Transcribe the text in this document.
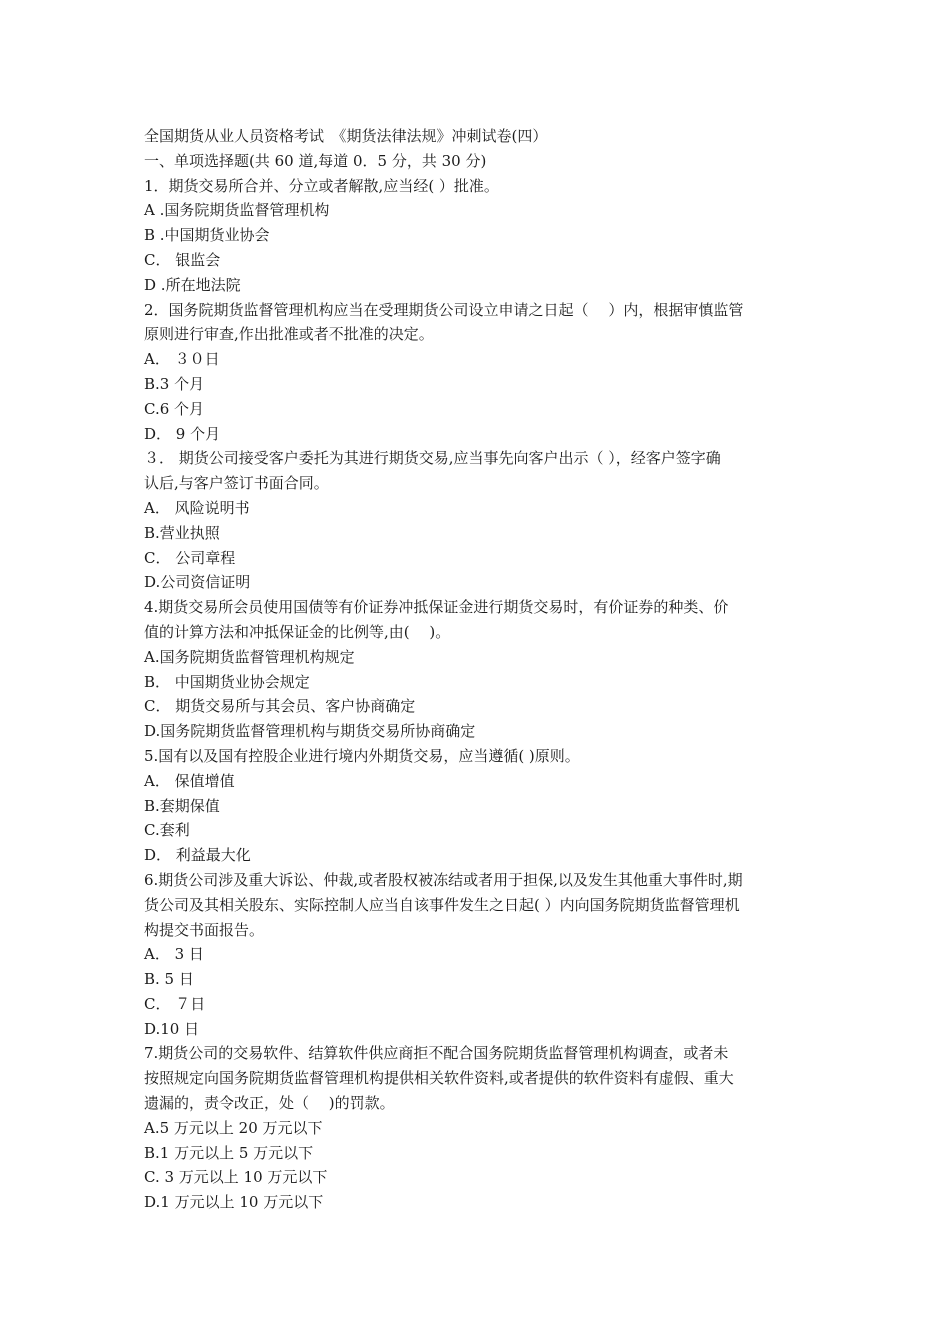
全国期货从业人员资格考试　《期货法律法规》冲刺试卷(四）
一、单项选择题(共 60 道,每道 0．5 分，共 30 分)
1．期货交易所合并、分立或者解散,应当经( ）批准。
A .国务院期货监督管理机构
B .中国期货业协会
C． 银监会
D .所在地法院
2．国务院期货监督管理机构应当在受理期货公司设立申请之日起（　 ）内，根据审慎监管
原则进行审查,作出批准或者不批准的决定。
A． ３０日
B.3 个月
C.6 个月
D． 9 个月
３． 期货公司接受客户委托为其进行期货交易,应当事先向客户出示（ ），经客户签字确
认后,与客户签订书面合同。
A． 风险说明书
B.营业执照
C． 公司章程
D.公司资信证明
4.期货交易所会员使用国债等有价证券冲抵保证金进行期货交易时，有价证券的种类、价
值的计算方法和冲抵保证金的比例等,由(　 )。
A.国务院期货监督管理机构规定
B． 中国期货业协会规定
C． 期货交易所与其会员、客户协商确定
D.国务院期货监督管理机构与期货交易所协商确定
5.国有以及国有控股企业进行境内外期货交易，应当遵循( )原则。
A． 保值增值
B.套期保值
C.套利
D． 利益最大化
6.期货公司涉及重大诉讼、仲裁,或者股权被冻结或者用于担保,以及发生其他重大事件时,期
货公司及其相关股东、实际控制人应当自该事件发生之日起( ）内向国务院期货监督管理机
构提交书面报告。
A． 3 日
B. 5 日
C． ７日
D.10 日
7.期货公司的交易软件、结算软件供应商拒不配合国务院期货监督管理机构调查，或者未
按照规定向国务院期货监督管理机构提供相关软件资料,或者提供的软件资料有虚假、重大
遗漏的，责令改正，处（　 )的罚款。
A.5 万元以上 20 万元以下
B.1 万元以上 5 万元以下
C. 3 万元以上 10 万元以下
D.1 万元以上 10 万元以下
